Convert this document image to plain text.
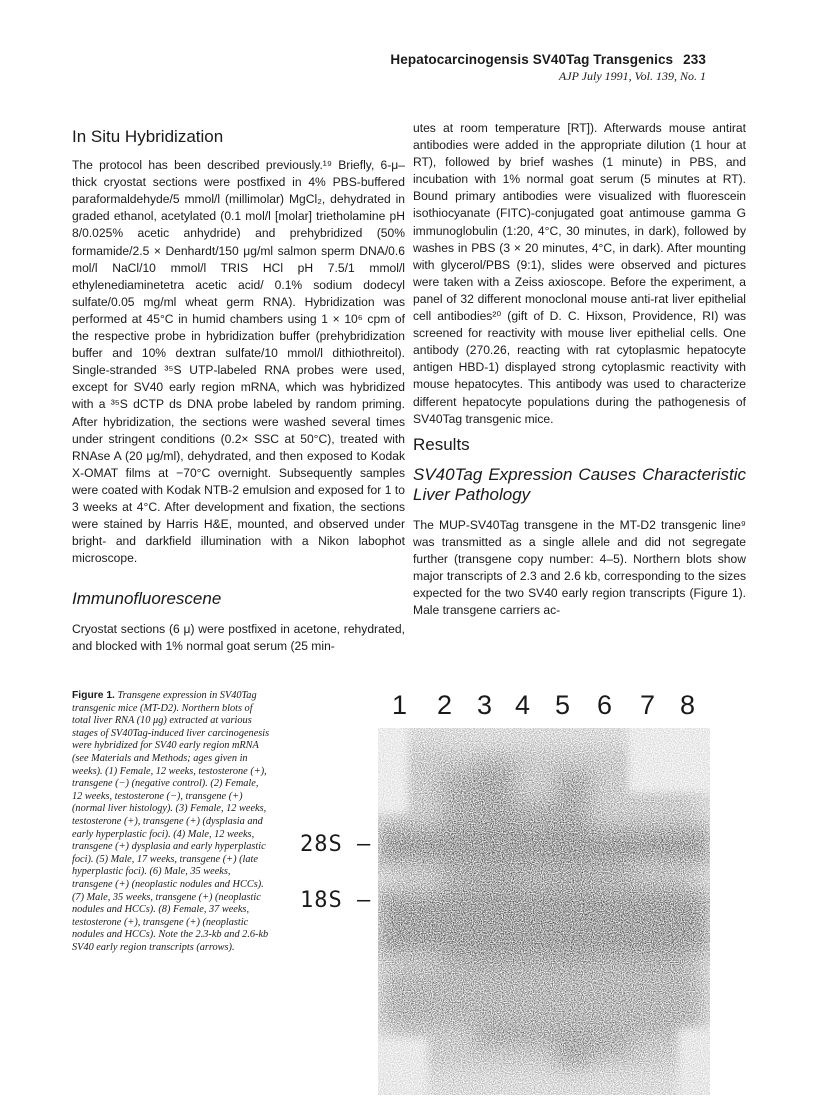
Hepatocarcinogensis SV40Tag Transgenics 233
AJP July 1991, Vol. 139, No. 1
In Situ Hybridization

The protocol has been described previously.¹⁹ Briefly, 6-μ–thick cryostat sections were postfixed in 4% PBS-buffered paraformaldehyde/5 mmol/l (millimolar) MgCl₂, dehydrated in graded ethanol, acetylated (0.1 mol/l [molar] trietholamine pH 8/0.025% acetic anhydride) and prehybridized (50% formamide/2.5 × Denhardt/150 μg/ml salmon sperm DNA/0.6 mol/l NaCl/10 mmol/l TRIS HCl pH 7.5/1 mmol/l ethylenediaminetetra acetic acid/ 0.1% sodium dodecyl sulfate/0.05 mg/ml wheat germ RNA). Hybridization was performed at 45°C in humid chambers using 1 × 10⁶ cpm of the respective probe in hybridization buffer (prehybridization buffer and 10% dextran sulfate/10 mmol/l dithiothreitol). Single-stranded ³⁵S UTP-labeled RNA probes were used, except for SV40 early region mRNA, which was hybridized with a ³⁵S dCTP ds DNA probe labeled by random priming. After hybridization, the sections were washed several times under stringent conditions (0.2× SSC at 50°C), treated with RNAse A (20 μg/ml), dehydrated, and then exposed to Kodak X-OMAT films at −70°C overnight. Subsequently samples were coated with Kodak NTB-2 emulsion and exposed for 1 to 3 weeks at 4°C. After development and fixation, the sections were stained by Harris H&E, mounted, and observed under bright- and darkfield illumination with a Nikon labophot microscope.

Immunofluorescene

Cryostat sections (6 μ) were postfixed in acetone, rehydrated, and blocked with 1% normal goat serum (25 min-

utes at room temperature [RT]). Afterwards mouse antirat antibodies were added in the appropriate dilution (1 hour at RT), followed by brief washes (1 minute) in PBS, and incubation with 1% normal goat serum (5 minutes at RT). Bound primary antibodies were visualized with fluorescein isothiocyanate (FITC)-conjugated goat antimouse gamma G immunoglobulin (1:20, 4°C, 30 minutes, in dark), followed by washes in PBS (3 × 20 minutes, 4°C, in dark). After mounting with glycerol/PBS (9:1), slides were observed and pictures were taken with a Zeiss axioscope. Before the experiment, a panel of 32 different monoclonal mouse anti-rat liver epithelial cell antibodies²⁰ (gift of D. C. Hixson, Providence, RI) was screened for reactivity with mouse liver epithelial cells. One antibody (270.26, reacting with rat cytoplasmic hepatocyte antigen HBD-1) displayed strong cytoplasmic reactivity with mouse hepatocytes. This antibody was used to characterize different hepatocyte populations during the pathogenesis of SV40Tag transgenic mice.

Results
SV40Tag Expression Causes Characteristic Liver Pathology

The MUP-SV40Tag transgene in the MT-D2 transgenic line⁹ was transmitted as a single allele and did not segregate further (transgene copy number: 4–5). Northern blots show major transcripts of 2.3 and 2.6 kb, corresponding to the sizes expected for the two SV40 early region transcripts (Figure 1). Male transgene carriers ac-

Figure 1. Transgene expression in SV40Tag transgenic mice (MT-D2). Northern blots of total liver RNA (10 μg) extracted at various stages of SV40Tag-induced liver carcinogenesis were hybridized for SV40 early region mRNA (see Materials and Methods; ages given in weeks). (1) Female, 12 weeks, testosterone (+), transgene (−) (negative control). (2) Female, 12 weeks, testosterone (−), transgene (+) (normal liver histology). (3) Female, 12 weeks, testosterone (+), transgene (+) (dysplasia and early hyperplastic foci). (4) Male, 12 weeks, transgene (+) dysplasia and early hyperplastic foci). (5) Male, 17 weeks, transgene (+) (late hyperplastic foci). (6) Male, 35 weeks, transgene (+) (neoplastic nodules and HCCs). (7) Male, 35 weeks, transgene (+) (neoplastic nodules and HCCs). (8) Female, 37 weeks, testosterone (+), transgene (+) (neoplastic nodules and HCCs). Note the 2.3-kb and 2.6-kb SV40 early region transcripts (arrows).
1 2 3 4 5 6 7 8
28S —
18S —
